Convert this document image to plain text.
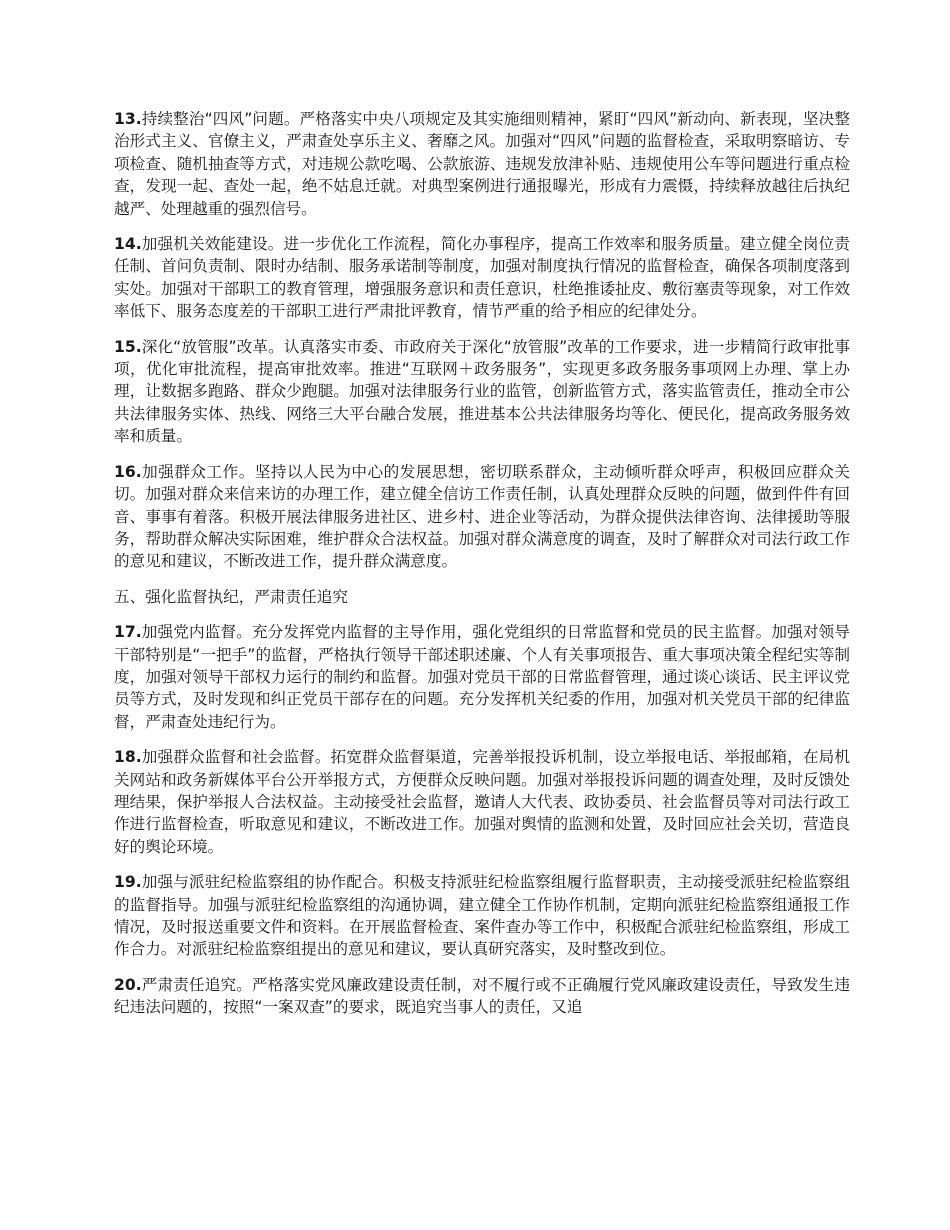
13.持续整治“四风”问题。严格落实中央八项规定及其实施细则精神，紧盯“四风”新动向、新表现，坚决整治形式主义、官僚主义，严肃查处享乐主义、奢靡之风。加强对“四风”问题的监督检查，采取明察暗访、专项检查、随机抽查等方式，对违规公款吃喝、公款旅游、违规发放津补贴、违规使用公车等问题进行重点检查，发现一起、查处一起，绝不姑息迁就。对典型案例进行通报曝光，形成有力震慑，持续释放越往后执纪越严、处理越重的强烈信号。

14.加强机关效能建设。进一步优化工作流程，简化办事程序，提高工作效率和服务质量。建立健全岗位责任制、首问负责制、限时办结制、服务承诺制等制度，加强对制度执行情况的监督检查，确保各项制度落到实处。加强对干部职工的教育管理，增强服务意识和责任意识，杜绝推诿扯皮、敷衍塞责等现象，对工作效率低下、服务态度差的干部职工进行严肃批评教育，情节严重的给予相应的纪律处分。

15.深化“放管服”改革。认真落实市委、市政府关于深化“放管服”改革的工作要求，进一步精简行政审批事项，优化审批流程，提高审批效率。推进“互联网＋政务服务”，实现更多政务服务事项网上办理、掌上办理，让数据多跑路、群众少跑腿。加强对法律服务行业的监管，创新监管方式，落实监管责任，推动全市公共法律服务实体、热线、网络三大平台融合发展，推进基本公共法律服务均等化、便民化，提高政务服务效率和质量。

16.加强群众工作。坚持以人民为中心的发展思想，密切联系群众，主动倾听群众呼声，积极回应群众关切。加强对群众来信来访的办理工作，建立健全信访工作责任制，认真处理群众反映的问题，做到件件有回音、事事有着落。积极开展法律服务进社区、进乡村、进企业等活动，为群众提供法律咨询、法律援助等服务，帮助群众解决实际困难，维护群众合法权益。加强对群众满意度的调查，及时了解群众对司法行政工作的意见和建议，不断改进工作，提升群众满意度。

五、强化监督执纪，严肃责任追究

17.加强党内监督。充分发挥党内监督的主导作用，强化党组织的日常监督和党员的民主监督。加强对领导干部特别是“一把手”的监督，严格执行领导干部述职述廉、个人有关事项报告、重大事项决策全程纪实等制度，加强对领导干部权力运行的制约和监督。加强对党员干部的日常监督管理，通过谈心谈话、民主评议党员等方式，及时发现和纠正党员干部存在的问题。充分发挥机关纪委的作用，加强对机关党员干部的纪律监督，严肃查处违纪行为。

18.加强群众监督和社会监督。拓宽群众监督渠道，完善举报投诉机制，设立举报电话、举报邮箱，在局机关网站和政务新媒体平台公开举报方式，方便群众反映问题。加强对举报投诉问题的调查处理，及时反馈处理结果，保护举报人合法权益。主动接受社会监督，邀请人大代表、政协委员、社会监督员等对司法行政工作进行监督检查，听取意见和建议，不断改进工作。加强对舆情的监测和处置，及时回应社会关切，营造良好的舆论环境。

19.加强与派驻纪检监察组的协作配合。积极支持派驻纪检监察组履行监督职责，主动接受派驻纪检监察组的监督指导。加强与派驻纪检监察组的沟通协调，建立健全工作协作机制，定期向派驻纪检监察组通报工作情况，及时报送重要文件和资料。在开展监督检查、案件查办等工作中，积极配合派驻纪检监察组，形成工作合力。对派驻纪检监察组提出的意见和建议，要认真研究落实，及时整改到位。

20.严肃责任追究。严格落实党风廉政建设责任制，对不履行或不正确履行党风廉政建设责任，导致发生违纪违法问题的，按照“一案双查”的要求，既追究当事人的责任，又追
